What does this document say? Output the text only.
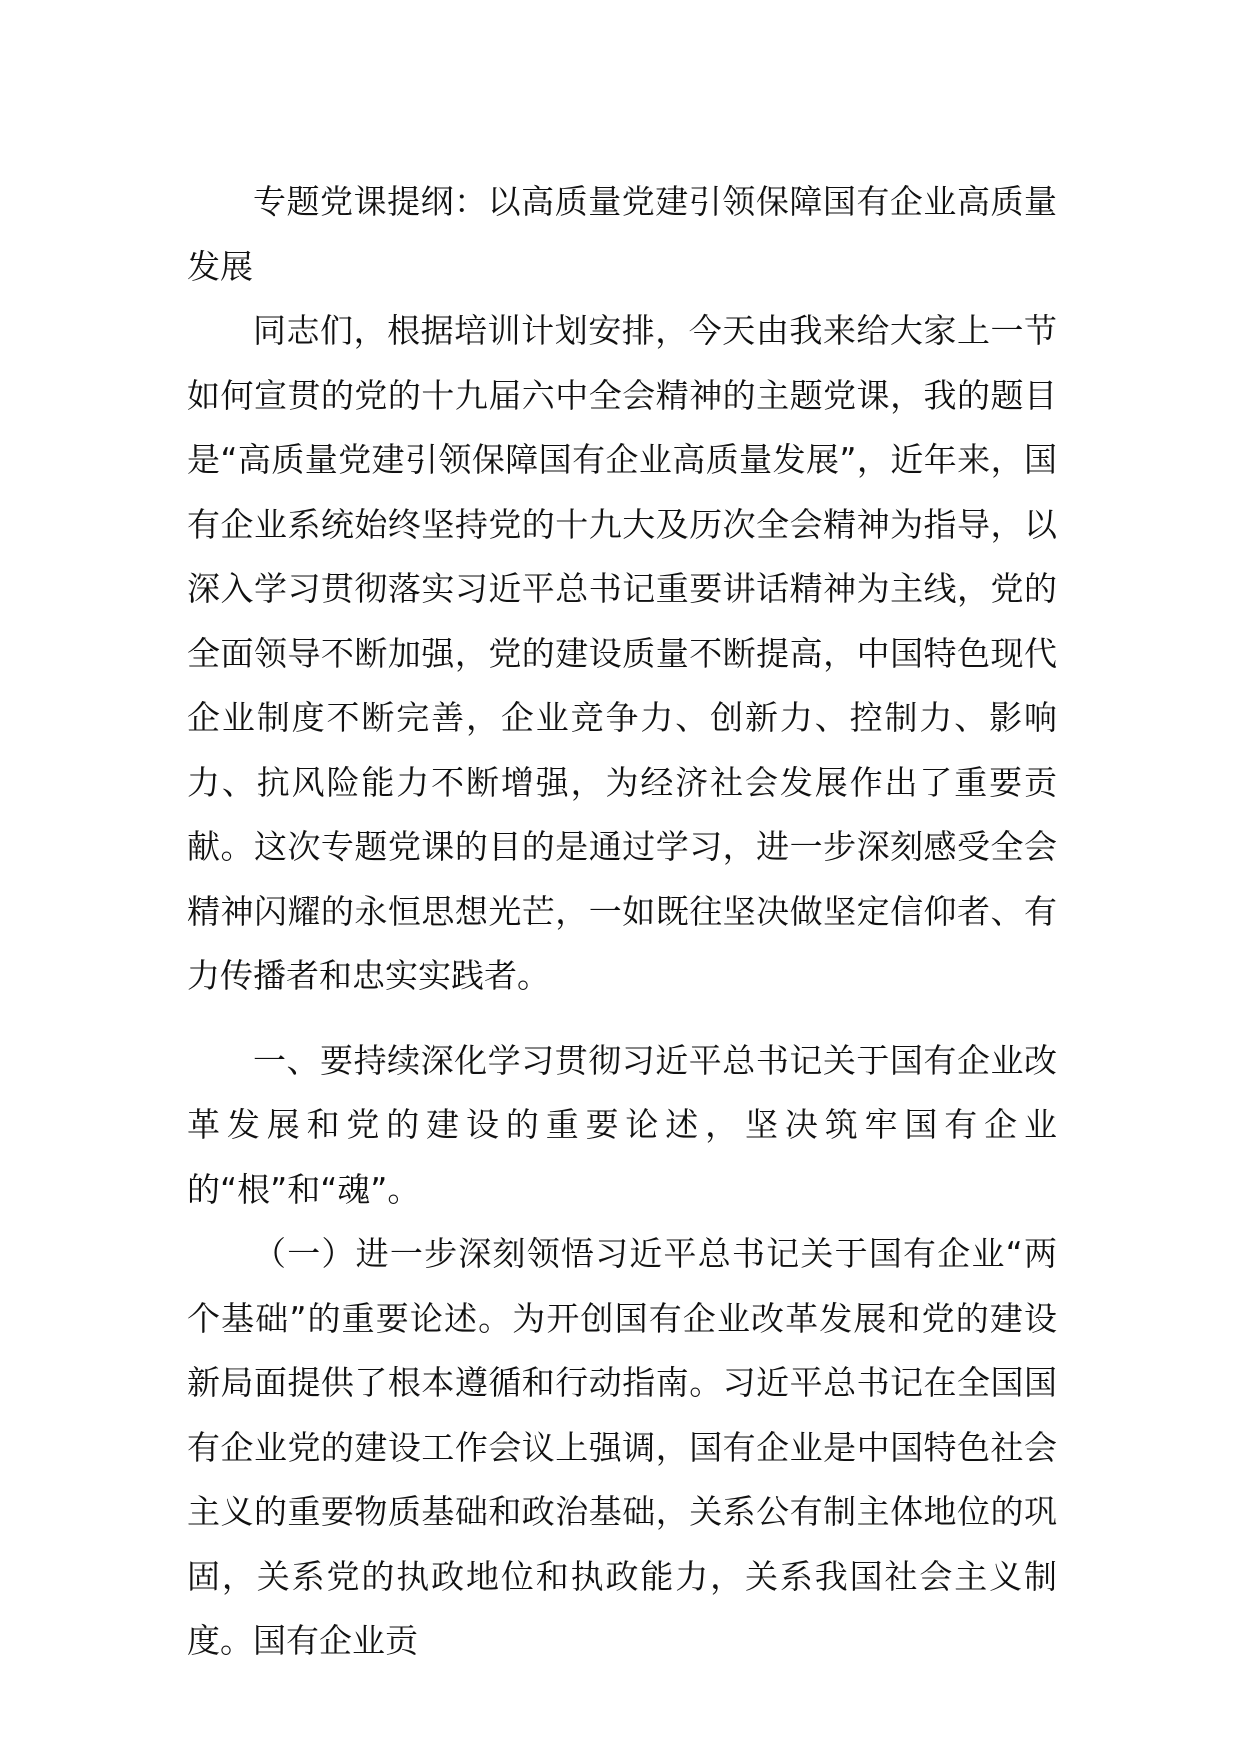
专题党课提纲：以高质量党建引领保障国有企业高质量发展

同志们，根据培训计划安排，今天由我来给大家上一节如何宣贯的党的十九届六中全会精神的主题党课，我的题目是“高质量党建引领保障国有企业高质量发展”，近年来，国有企业系统始终坚持党的十九大及历次全会精神为指导，以深入学习贯彻落实习近平总书记重要讲话精神为主线，党的全面领导不断加强，党的建设质量不断提高，中国特色现代企业制度不断完善，企业竞争力、创新力、控制力、影响力、抗风险能力不断增强，为经济社会发展作出了重要贡献。这次专题党课的目的是通过学习，进一步深刻感受全会精神闪耀的永恒思想光芒，一如既往坚决做坚定信仰者、有力传播者和忠实实践者。

一、要持续深化学习贯彻习近平总书记关于国有企业改革发展和党的建设的重要论述，坚决筑牢国有企业的“根”和“魂”。

（一）进一步深刻领悟习近平总书记关于国有企业“两个基础”的重要论述。为开创国有企业改革发展和党的建设新局面提供了根本遵循和行动指南。习近平总书记在全国国有企业党的建设工作会议上强调，国有企业是中国特色社会主义的重要物质基础和政治基础，关系公有制主体地位的巩固，关系党的执政地位和执政能力，关系我国社会主义制度。国有企业贡
